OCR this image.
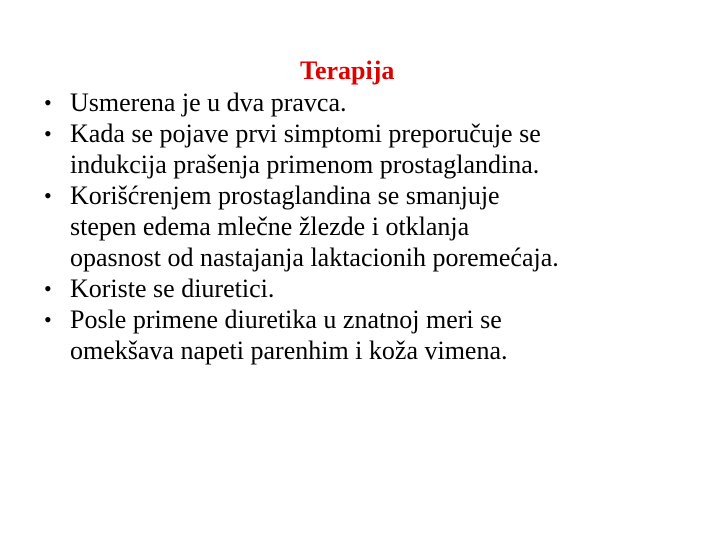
Terapija
• Usmerena je u dva pravca.
• Kada se pojave prvi simptomi preporučuje se
indukcija prašenja primenom prostaglandina.
• Korišćrenjem prostaglandina se smanjuje
stepen edema mlečne žlezde i otklanja
opasnost od nastajanja laktacionih poremećaja.
• Koriste se diuretici.
• Posle primene diuretika u znatnoj meri se
omekšava napeti parenhim i koža vimena.
